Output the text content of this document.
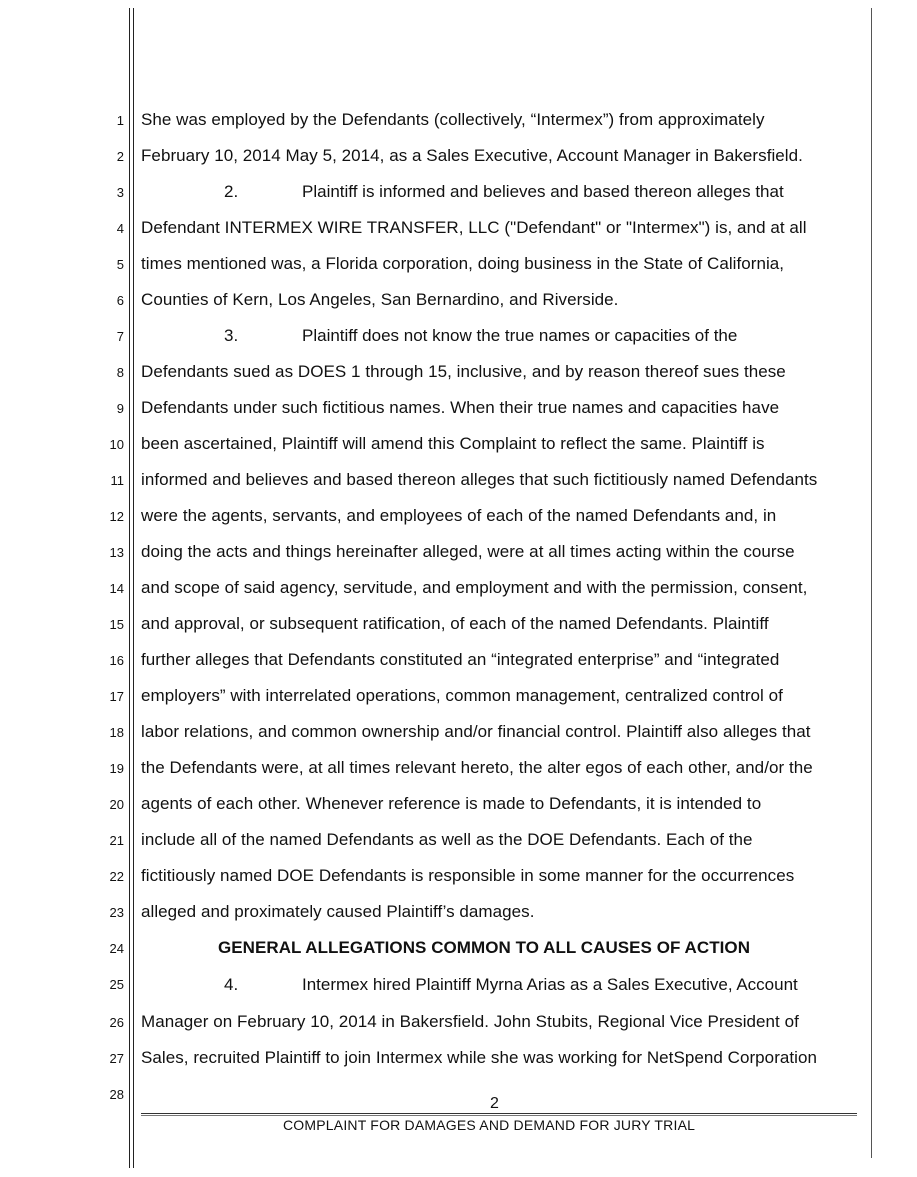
1
2
3
4
5
6
7
8
9
10
11
12
13
14
15
16
17
18
19
20
21
22
23
24
25
26
27
28
She was employed by the Defendants (collectively, “Intermex”) from approximately
February 10, 2014 May 5, 2014, as a Sales Executive, Account Manager in Bakersfield.
2.	Plaintiff is informed and believes and based thereon alleges that
Defendant INTERMEX WIRE TRANSFER, LLC ("Defendant" or "Intermex") is, and at all
times mentioned was, a Florida corporation, doing business in the State of California,
Counties of Kern, Los Angeles, San Bernardino, and Riverside.
3.	Plaintiff does not know the true names or capacities of the
Defendants sued as DOES 1 through 15, inclusive, and by reason thereof sues these
Defendants under such fictitious names. When their true names and capacities have
been ascertained, Plaintiff will amend this Complaint to reflect the same. Plaintiff is
informed and believes and based thereon alleges that such fictitiously named Defendants
were the agents, servants, and employees of each of the named Defendants and, in
doing the acts and things hereinafter alleged, were at all times acting within the course
and scope of said agency, servitude, and employment and with the permission, consent,
and approval, or subsequent ratification, of each of the named Defendants. Plaintiff
further alleges that Defendants constituted an “integrated enterprise” and “integrated
employers” with interrelated operations, common management, centralized control of
labor relations, and common ownership and/or financial control. Plaintiff also alleges that
the Defendants were, at all times relevant hereto, the alter egos of each other, and/or the
agents of each other. Whenever reference is made to Defendants, it is intended to
include all of the named Defendants as well as the DOE Defendants. Each of the
fictitiously named DOE Defendants is responsible in some manner for the occurrences
alleged and proximately caused Plaintiff’s damages.
GENERAL ALLEGATIONS COMMON TO ALL CAUSES OF ACTION
4.	Intermex hired Plaintiff Myrna Arias as a Sales Executive, Account
Manager on February 10, 2014 in Bakersfield. John Stubits, Regional Vice President of
Sales, recruited Plaintiff to join Intermex while she was working for NetSpend Corporation
2
COMPLAINT FOR DAMAGES AND DEMAND FOR JURY TRIAL
